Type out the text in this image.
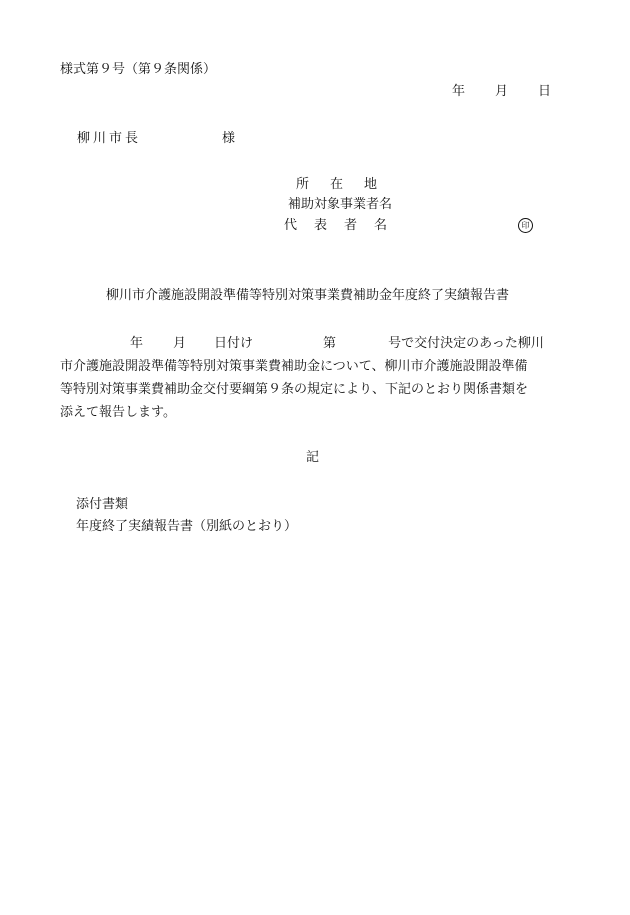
様式第９号（第９条関係）
年 月 日
柳川市長	様
所　在　地
補助対象事業者名
代　表　者　名	印
柳川市介護施設開設準備等特別対策事業費補助金年度終了実績報告書
年 月 日付け	第	号で交付決定のあった柳川
市介護施設開設準備等特別対策事業費補助金について、柳川市介護施設開設準備
等特別対策事業費補助金交付要綱第９条の規定により、下記のとおり関係書類を
添えて報告します。
記
添付書類
年度終了実績報告書（別紙のとおり）
